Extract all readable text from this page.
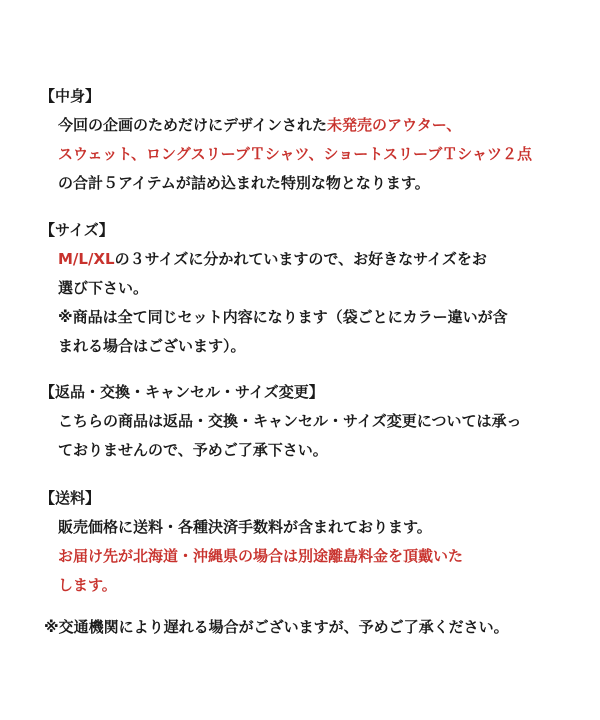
【中身】
今回の企画のためだけにデザインされた未発売のアウター、
スウェット、ロングスリーブＴシャツ、ショートスリーブＴシャツ２点
の合計５アイテムが詰め込まれた特別な物となります。
【サイズ】
M/L/XLの３サイズに分かれていますので、お好きなサイズをお
選び下さい。
※商品は全て同じセット内容になります（袋ごとにカラー違いが含
まれる場合はございます）。
【返品・交換・キャンセル・サイズ変更】
こちらの商品は返品・交換・キャンセル・サイズ変更については承っ
ておりませんので、予めご了承下さい。
【送料】
販売価格に送料・各種決済手数料が含まれております。
お届け先が北海道・沖縄県の場合は別途離島料金を頂戴いた
します。
※交通機関により遅れる場合がございますが、予めご了承ください。
